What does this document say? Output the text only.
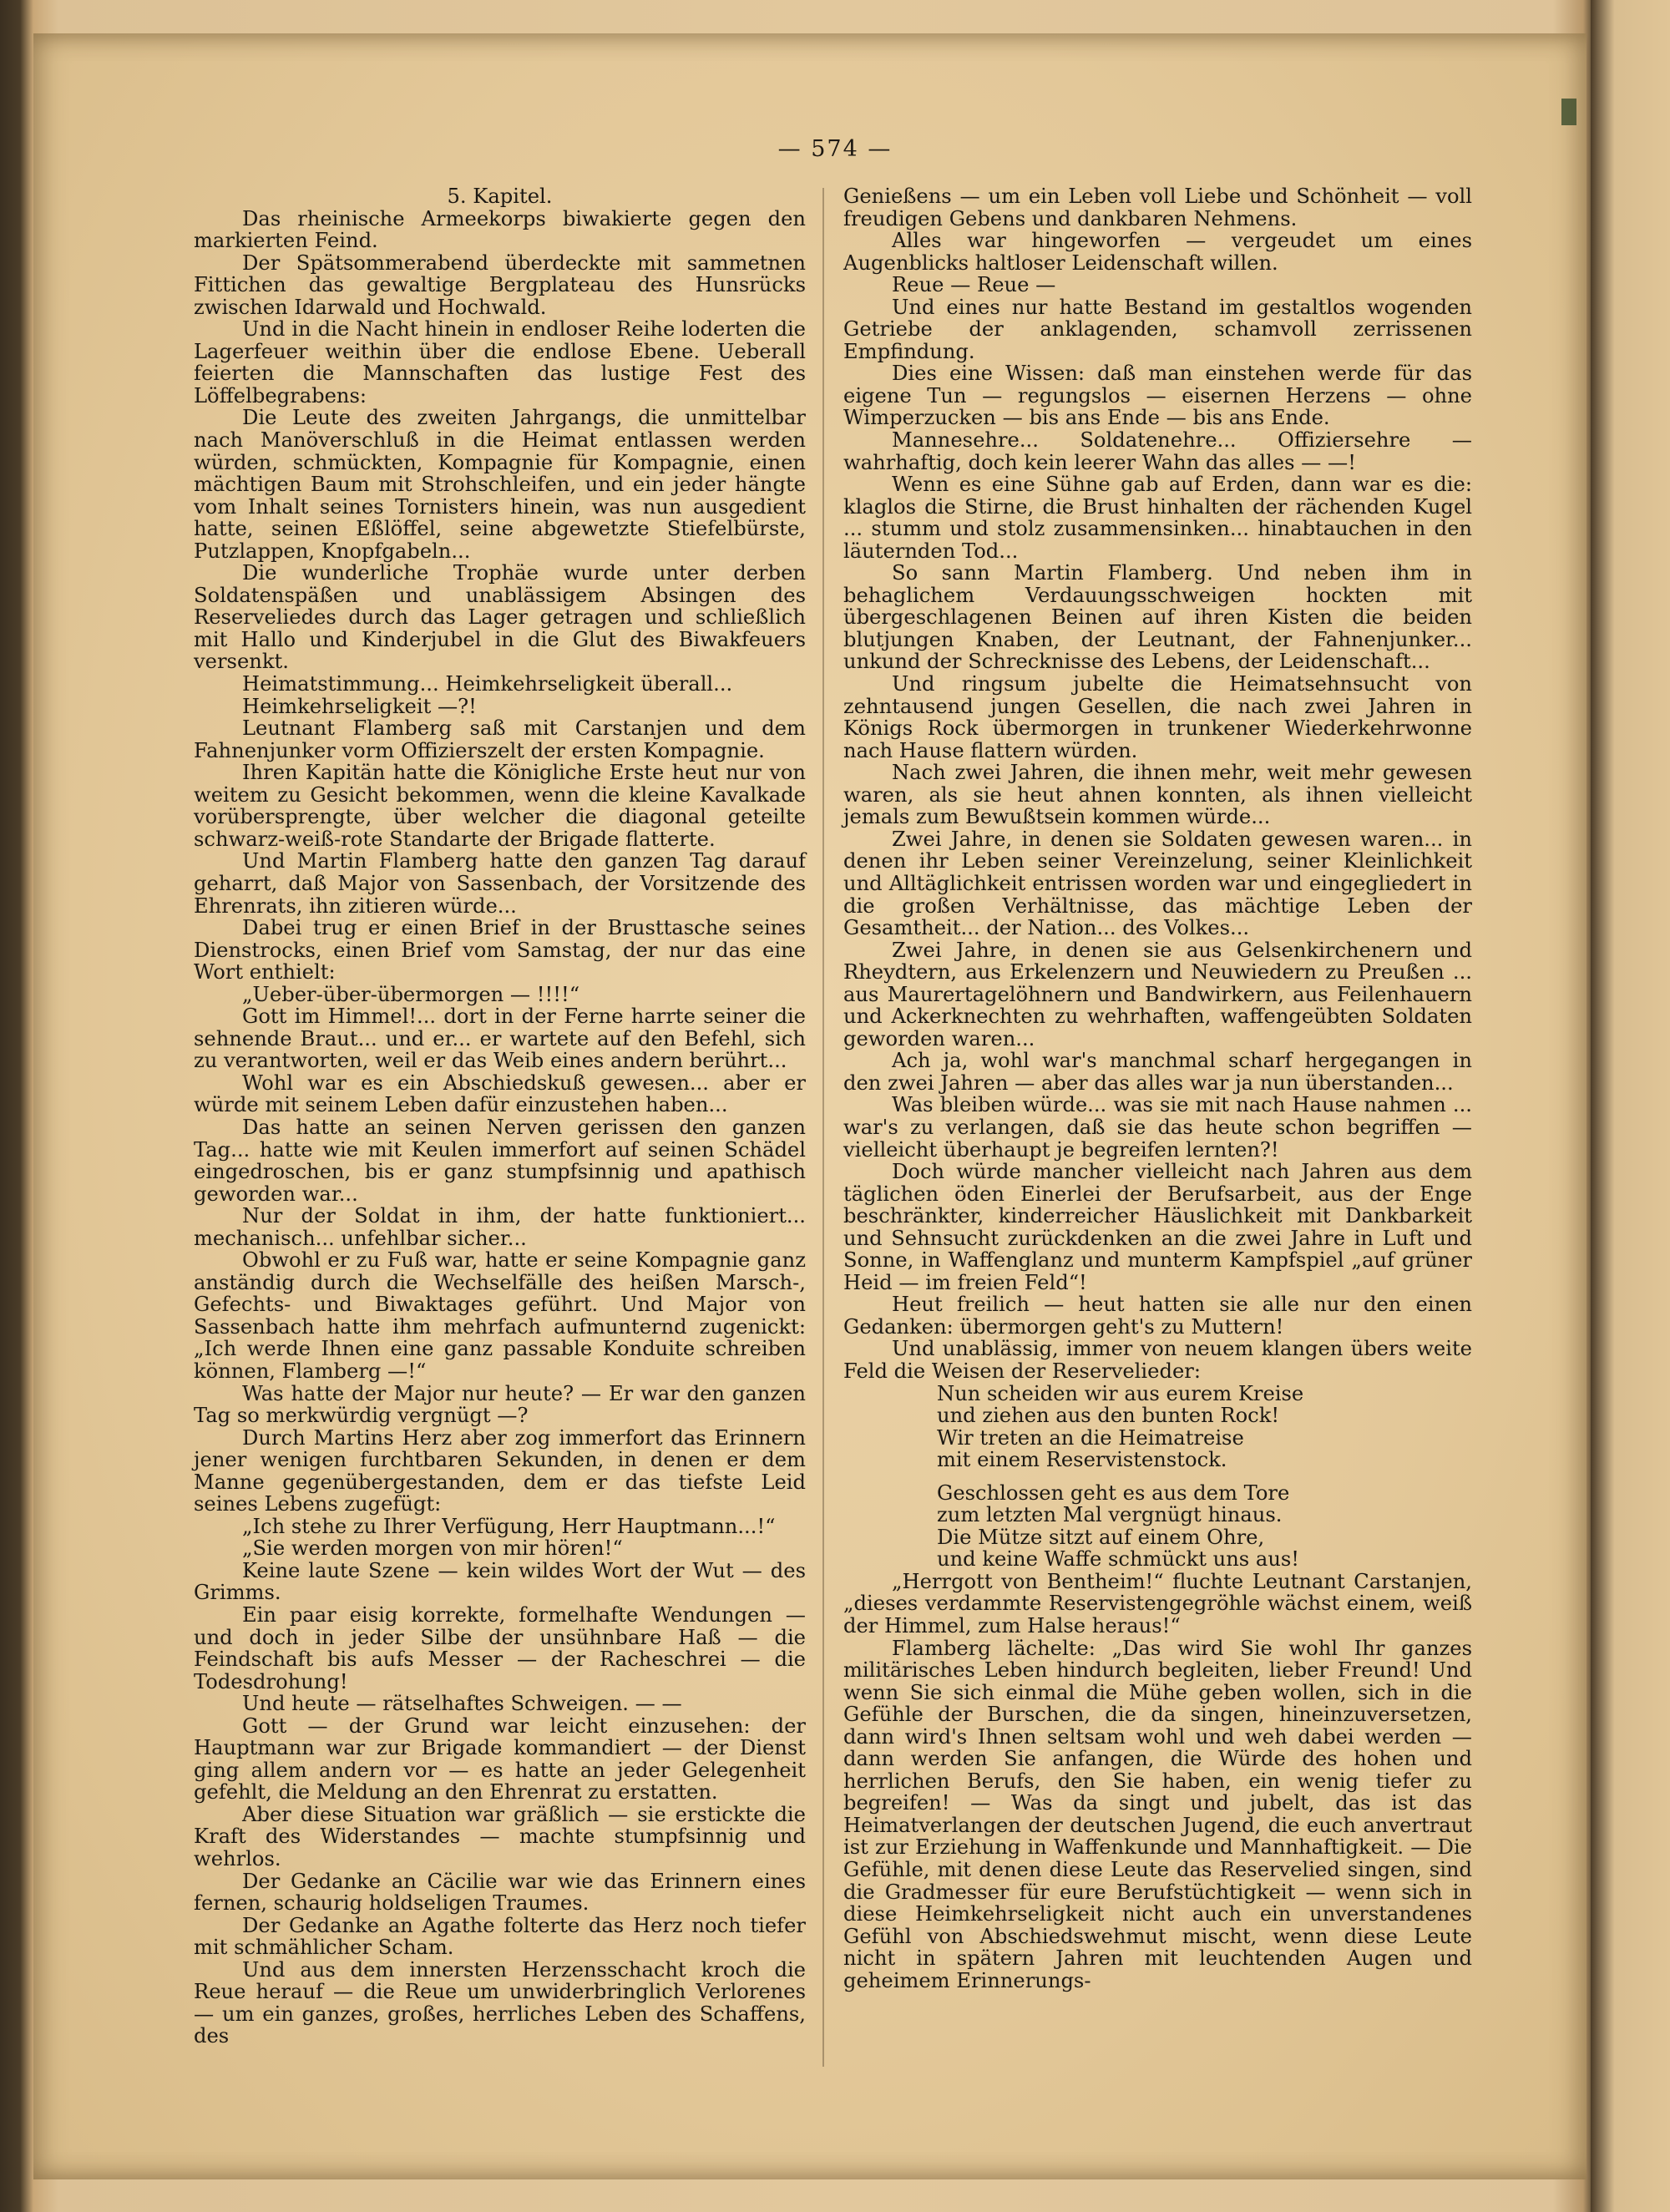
— 574 —

5. Kapitel.

Das rheinische Armeekorps biwakierte gegen den markierten Feind.

Der Spätsommerabend überdeckte mit sammetnen Fittichen das gewaltige Bergplateau des Hunsrücks zwischen Idarwald und Hochwald.

Und in die Nacht hinein in endloser Reihe loderten die Lagerfeuer weithin über die endlose Ebene. Ueberall feierten die Mannschaften das lustige Fest des Löffelbegrabens:

Die Leute des zweiten Jahrgangs, die unmittelbar nach Manöverschluß in die Heimat entlassen werden würden, schmückten, Kompagnie für Kompagnie, einen mächtigen Baum mit Strohschleifen, und ein jeder hängte vom Inhalt seines Tornisters hinein, was nun ausgedient hatte, seinen Eßlöffel, seine abgewetzte Stiefelbürste, Putzlappen, Knopfgabeln...

Die wunderliche Trophäe wurde unter derben Soldatenspäßen und unablässigem Absingen des Reserveliedes durch das Lager getragen und schließlich mit Hallo und Kinderjubel in die Glut des Biwakfeuers versenkt.

Heimatstimmung... Heimkehrseligkeit überall...

Heimkehrseligkeit —?!

Leutnant Flamberg saß mit Carstanjen und dem Fahnenjunker vorm Offizierszelt der ersten Kompagnie.

Ihren Kapitän hatte die Königliche Erste heut nur von weitem zu Gesicht bekommen, wenn die kleine Kavalkade vorübersprengte, über welcher die diagonal geteilte schwarz-weiß-rote Standarte der Brigade flatterte.

Und Martin Flamberg hatte den ganzen Tag darauf geharrt, daß Major von Sassenbach, der Vorsitzende des Ehrenrats, ihn zitieren würde...

Dabei trug er einen Brief in der Brusttasche seines Dienstrocks, einen Brief vom Samstag, der nur das eine Wort enthielt:

„Ueber-über-übermorgen — !!!!“

Gott im Himmel!... dort in der Ferne harrte seiner die sehnende Braut... und er... er wartete auf den Befehl, sich zu verantworten, weil er das Weib eines andern berührt...

Wohl war es ein Abschiedskuß gewesen... aber er würde mit seinem Leben dafür einzustehen haben...

Das hatte an seinen Nerven gerissen den ganzen Tag... hatte wie mit Keulen immerfort auf seinen Schädel eingedroschen, bis er ganz stumpfsinnig und apathisch geworden war...

Nur der Soldat in ihm, der hatte funktioniert... mechanisch... unfehlbar sicher...

Obwohl er zu Fuß war, hatte er seine Kompagnie ganz anständig durch die Wechselfälle des heißen Marsch-, Gefechts- und Biwaktages geführt. Und Major von Sassenbach hatte ihm mehrfach aufmunternd zugenickt: „Ich werde Ihnen eine ganz passable Konduite schreiben können, Flamberg —!“

Was hatte der Major nur heute? — Er war den ganzen Tag so merkwürdig vergnügt —?

Durch Martins Herz aber zog immerfort das Erinnern jener wenigen furchtbaren Sekunden, in denen er dem Manne gegenübergestanden, dem er das tiefste Leid seines Lebens zugefügt:

„Ich stehe zu Ihrer Verfügung, Herr Hauptmann...!“

„Sie werden morgen von mir hören!“

Keine laute Szene — kein wildes Wort der Wut — des Grimms.

Ein paar eisig korrekte, formelhafte Wendungen — und doch in jeder Silbe der unsühnbare Haß — die Feindschaft bis aufs Messer — der Racheschrei — die Todesdrohung!

Und heute — rätselhaftes Schweigen. — —

Gott — der Grund war leicht einzusehen: der Hauptmann war zur Brigade kommandiert — der Dienst ging allem andern vor — es hatte an jeder Gelegenheit gefehlt, die Meldung an den Ehrenrat zu erstatten.

Aber diese Situation war gräßlich — sie erstickte die Kraft des Widerstandes — machte stumpfsinnig und wehrlos.

Der Gedanke an Cäcilie war wie das Erinnern eines fernen, schaurig holdseligen Traumes.

Der Gedanke an Agathe folterte das Herz noch tiefer mit schmählicher Scham.

Und aus dem innersten Herzensschacht kroch die Reue herauf — die Reue um unwiderbringlich Verlorenes — um ein ganzes, großes, herrliches Leben des Schaffens, des

Genießens — um ein Leben voll Liebe und Schönheit — voll freudigen Gebens und dankbaren Nehmens.

Alles war hingeworfen — vergeudet um eines Augenblicks haltloser Leidenschaft willen.

Reue — Reue —

Und eines nur hatte Bestand im gestaltlos wogenden Getriebe der anklagenden, schamvoll zerrissenen Empfindung.

Dies eine Wissen: daß man einstehen werde für das eigene Tun — regungslos — eisernen Herzens — ohne Wimperzucken — bis ans Ende — bis ans Ende.

Mannesehre... Soldatenehre... Offiziersehre — wahrhaftig, doch kein leerer Wahn das alles — —!

Wenn es eine Sühne gab auf Erden, dann war es die: klaglos die Stirne, die Brust hinhalten der rächenden Kugel ... stumm und stolz zusammensinken... hinabtauchen in den läuternden Tod...

So sann Martin Flamberg. Und neben ihm in behaglichem Verdauungsschweigen hockten mit übergeschlagenen Beinen auf ihren Kisten die beiden blutjungen Knaben, der Leutnant, der Fahnenjunker... unkund der Schrecknisse des Lebens, der Leidenschaft...

Und ringsum jubelte die Heimatsehnsucht von zehntausend jungen Gesellen, die nach zwei Jahren in Königs Rock übermorgen in trunkener Wiederkehrwonne nach Hause flattern würden.

Nach zwei Jahren, die ihnen mehr, weit mehr gewesen waren, als sie heut ahnen konnten, als ihnen vielleicht jemals zum Bewußtsein kommen würde...

Zwei Jahre, in denen sie Soldaten gewesen waren... in denen ihr Leben seiner Vereinzelung, seiner Kleinlichkeit und Alltäglichkeit entrissen worden war und eingegliedert in die großen Verhältnisse, das mächtige Leben der Gesamtheit... der Nation... des Volkes...

Zwei Jahre, in denen sie aus Gelsenkirchenern und Rheydtern, aus Erkelenzern und Neuwiedern zu Preußen ... aus Maurertagelöhnern und Bandwirkern, aus Feilenhauern und Ackerknechten zu wehrhaften, waffengeübten Soldaten geworden waren...

Ach ja, wohl war's manchmal scharf hergegangen in den zwei Jahren — aber das alles war ja nun überstanden...

Was bleiben würde... was sie mit nach Hause nahmen ... war's zu verlangen, daß sie das heute schon begriffen — vielleicht überhaupt je begreifen lernten?!

Doch würde mancher vielleicht nach Jahren aus dem täglichen öden Einerlei der Berufsarbeit, aus der Enge beschränkter, kinderreicher Häuslichkeit mit Dankbarkeit und Sehnsucht zurückdenken an die zwei Jahre in Luft und Sonne, in Waffenglanz und munterm Kampfspiel „auf grüner Heid — im freien Feld“!

Heut freilich — heut hatten sie alle nur den einen Gedanken: übermorgen geht's zu Muttern!

Und unablässig, immer von neuem klangen übers weite Feld die Weisen der Reservelieder:

Nun scheiden wir aus eurem Kreise
und ziehen aus den bunten Rock!
Wir treten an die Heimatreise
mit einem Reservistenstock.
Geschlossen geht es aus dem Tore
zum letzten Mal vergnügt hinaus.
Die Mütze sitzt auf einem Ohre,
und keine Waffe schmückt uns aus!

„Herrgott von Bentheim!“ fluchte Leutnant Carstanjen, „dieses verdammte Reservistengegröhle wächst einem, weiß der Himmel, zum Halse heraus!“

Flamberg lächelte: „Das wird Sie wohl Ihr ganzes militärisches Leben hindurch begleiten, lieber Freund! Und wenn Sie sich einmal die Mühe geben wollen, sich in die Gefühle der Burschen, die da singen, hineinzuversetzen, dann wird's Ihnen seltsam wohl und weh dabei werden — dann werden Sie anfangen, die Würde des hohen und herrlichen Berufs, den Sie haben, ein wenig tiefer zu begreifen! — Was da singt und jubelt, das ist das Heimatverlangen der deutschen Jugend, die euch anvertraut ist zur Erziehung in Waffenkunde und Mannhaftigkeit. — Die Gefühle, mit denen diese Leute das Reservelied singen, sind die Gradmesser für eure Berufstüchtigkeit — wenn sich in diese Heimkehrseligkeit nicht auch ein unverstandenes Gefühl von Abschiedswehmut mischt, wenn diese Leute nicht in spätern Jahren mit leuchtenden Augen und geheimem Erinnerungs-
